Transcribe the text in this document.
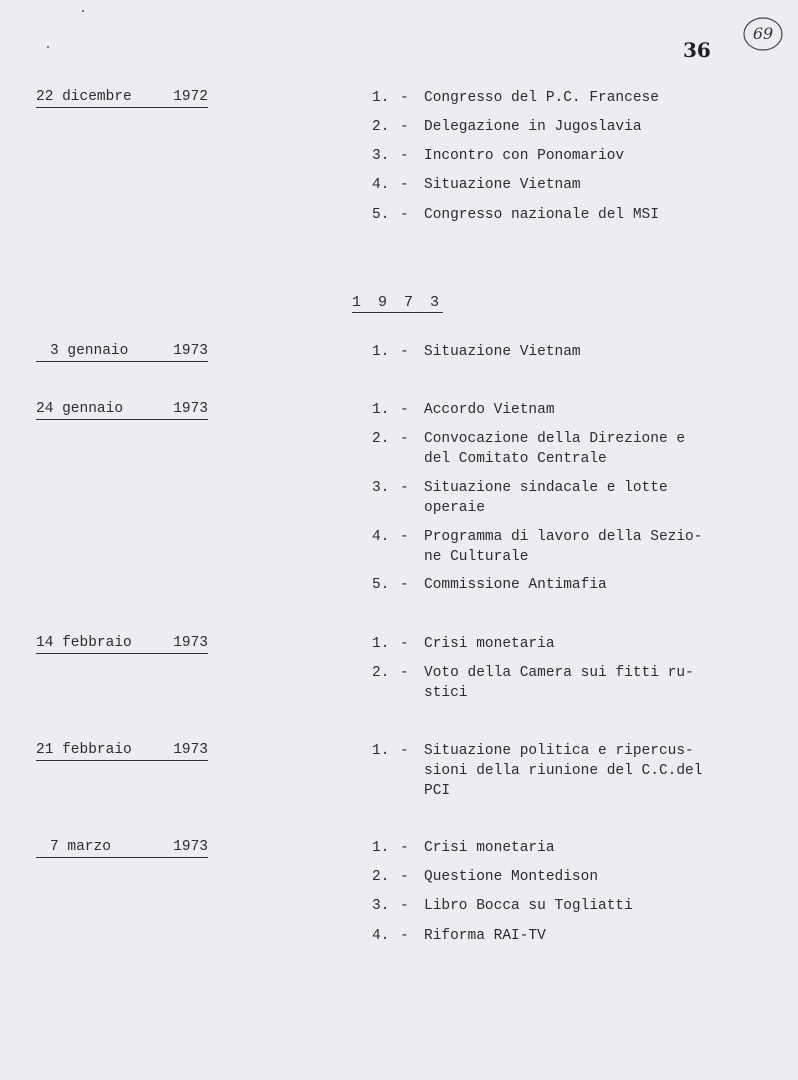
36
69
1 9 7 3
22 dicembre	1972	1. -	Congresso del P.C. Francese
2. -	Delegazione in Jugoslavia
3. -	Incontro con Ponomariov
4. -	Situazione Vietnam
5. -	Congresso nazionale del MSI
3 gennaio	1973	1. -	Situazione Vietnam
24 gennaio	1973	1. -	Accordo Vietnam
2. -	Convocazione della Direzione e
del Comitato Centrale
3. -	Situazione sindacale e lotte
operaie
4. -	Programma di lavoro della Sezio-
ne Culturale
5. -	Commissione Antimafia
14 febbraio	1973	1. -	Crisi monetaria
2. -	Voto della Camera sui fitti ru-
stici
21 febbraio	1973	1. -	Situazione politica e ripercus-
sioni della riunione del C.C.del
PCI
7 marzo	1973	1. -	Crisi monetaria
2. -	Questione Montedison
3. -	Libro Bocca su Togliatti
4. -	Riforma RAI-TV
